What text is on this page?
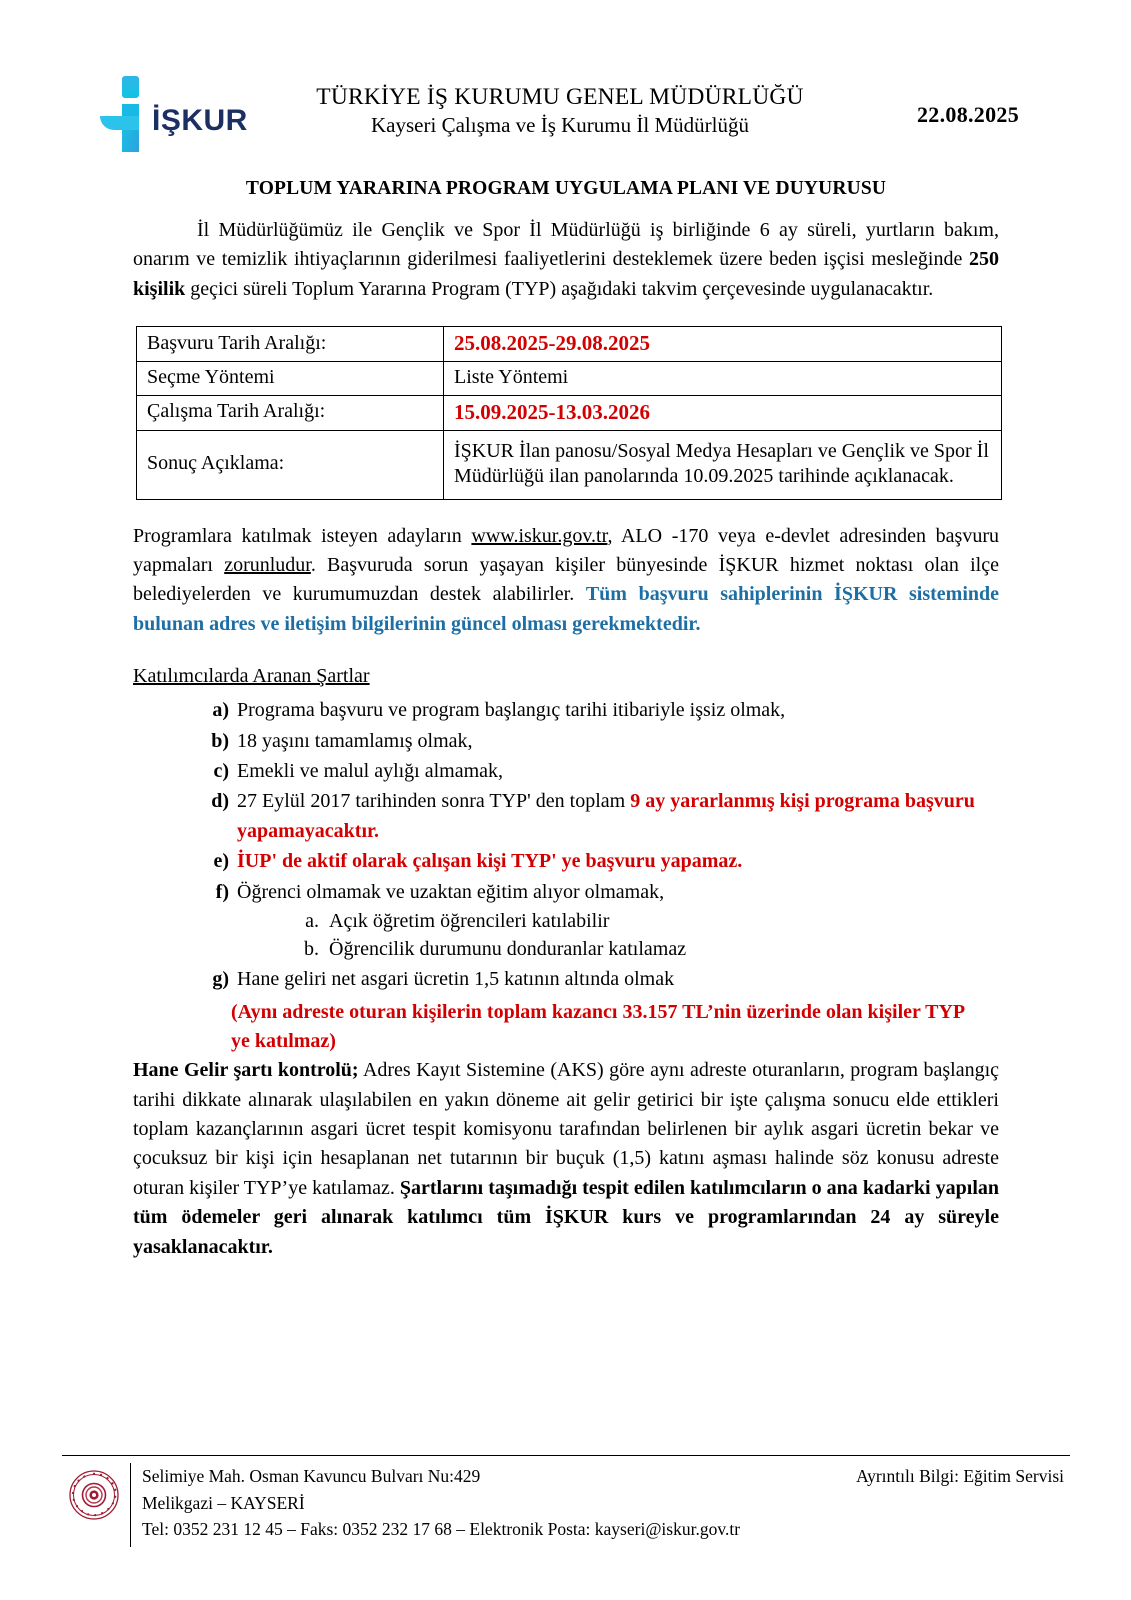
İŞKUR
TÜRKİYE İŞ KURUMU GENEL MÜDÜRLÜĞÜ
Kayseri Çalışma ve İş Kurumu İl Müdürlüğü	22.08.2025
TOPLUM YARARINA PROGRAM UYGULAMA PLANI VE DUYURUSU

İl Müdürlüğümüz ile Gençlik ve Spor İl Müdürlüğü iş birliğinde 6 ay süreli, yurtların bakım, onarım ve temizlik ihtiyaçlarının giderilmesi faaliyetlerini desteklemek üzere beden işçisi mesleğinde 250 kişilik geçici süreli Toplum Yararına Program (TYP) aşağıdaki takvim çerçevesinde uygulanacaktır.

Başvuru Tarih Aralığı:	25.08.2025-29.08.2025
Seçme Yöntemi	Liste Yöntemi
Çalışma Tarih Aralığı:	15.09.2025-13.03.2026
Sonuç Açıklama:	İŞKUR İlan panosu/Sosyal Medya Hesapları ve Gençlik ve Spor İl Müdürlüğü ilan panolarında 10.09.2025 tarihinde açıklanacak.

Programlara katılmak isteyen adayların www.iskur.gov.tr, ALO -170 veya e-devlet adresinden başvuru yapmaları zorunludur. Başvuruda sorun yaşayan kişiler bünyesinde İŞKUR hizmet noktası olan ilçe belediyelerden ve kurumumuzdan destek alabilirler. Tüm başvuru sahiplerinin İŞKUR sisteminde bulunan adres ve iletişim bilgilerinin güncel olması gerekmektedir.

Katılımcılarda Aranan Şartlar
a) Programa başvuru ve program başlangıç tarihi itibariyle işsiz olmak,
b) 18 yaşını tamamlamış olmak,
c) Emekli ve malul aylığı almamak,
d) 27 Eylül 2017 tarihinden sonra TYP' den toplam 9 ay yararlanmış kişi programa başvuru yapamayacaktır.
e) İUP' de aktif olarak çalışan kişi TYP' ye başvuru yapamaz.
f) Öğrenci olmamak ve uzaktan eğitim alıyor olmamak,
a. Açık öğretim öğrencileri katılabilir
b. Öğrencilik durumunu donduranlar katılamaz
g) Hane geliri net asgari ücretin 1,5 katının altında olmak
(Aynı adreste oturan kişilerin toplam kazancı 33.157 TL’nin üzerinde olan kişiler TYP ye katılmaz)

Hane Gelir şartı kontrolü; Adres Kayıt Sistemine (AKS) göre aynı adreste oturanların, program başlangıç tarihi dikkate alınarak ulaşılabilen en yakın döneme ait gelir getirici bir işte çalışma sonucu elde ettikleri toplam kazançlarının asgari ücret tespit komisyonu tarafından belirlenen bir aylık asgari ücretin bekar ve çocuksuz bir kişi için hesaplanan net tutarının bir buçuk (1,5) katını aşması halinde söz konusu adreste oturan kişiler TYP’ye katılamaz. Şartlarını taşımadığı tespit edilen katılımcıların o ana kadarki yapılan tüm ödemeler geri alınarak katılımcı tüm İŞKUR kurs ve programlarından 24 ay süreyle yasaklanacaktır.

Selimiye Mah. Osman Kavuncu Bulvarı Nu:429
Melikgazi – KAYSERİ
Tel: 0352 231 12 45 – Faks: 0352 232 17 68 – Elektronik Posta: kayseri@iskur.gov.tr
Ayrıntılı Bilgi: Eğitim Servisi
